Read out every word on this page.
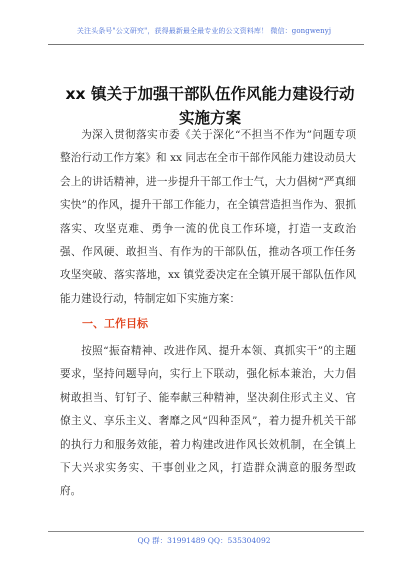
关注头条号"公文研究"，获得最新最全最专业的公文资料库！ 微信：gongwenyj
xx 镇关于加强干部队伍作风能力建设行动实施方案

为深入贯彻落实市委《关于深化“不担当不作为”问题专项整治行动工作方案》和 xx 同志在全市干部作风能力建设动员大会上的讲话精神，进一步提升干部工作士气，大力倡树“严真细实快”的作风，提升干部工作能力，在全镇营造担当作为、狠抓落实、攻坚克难、勇争一流的优良工作环境，打造一支政治强、作风硬、敢担当、有作为的干部队伍，推动各项工作任务攻坚突破、落实落地，xx 镇党委决定在全镇开展干部队伍作风能力建设行动，特制定如下实施方案：

一、工作目标

按照“振奋精神、改进作风、提升本领、真抓实干”的主题要求，坚持问题导向，实行上下联动，强化标本兼治，大力倡树敢担当、钉钉子、能奉献三种精神，坚决刹住形式主义、官僚主义、享乐主义、奢靡之风“四种歪风”，着力提升机关干部的执行力和服务效能，着力构建改进作风长效机制，在全镇上下大兴求实务实、干事创业之风，打造群众满意的服务型政府。

QQ 群：31991489 QQ：535304092
